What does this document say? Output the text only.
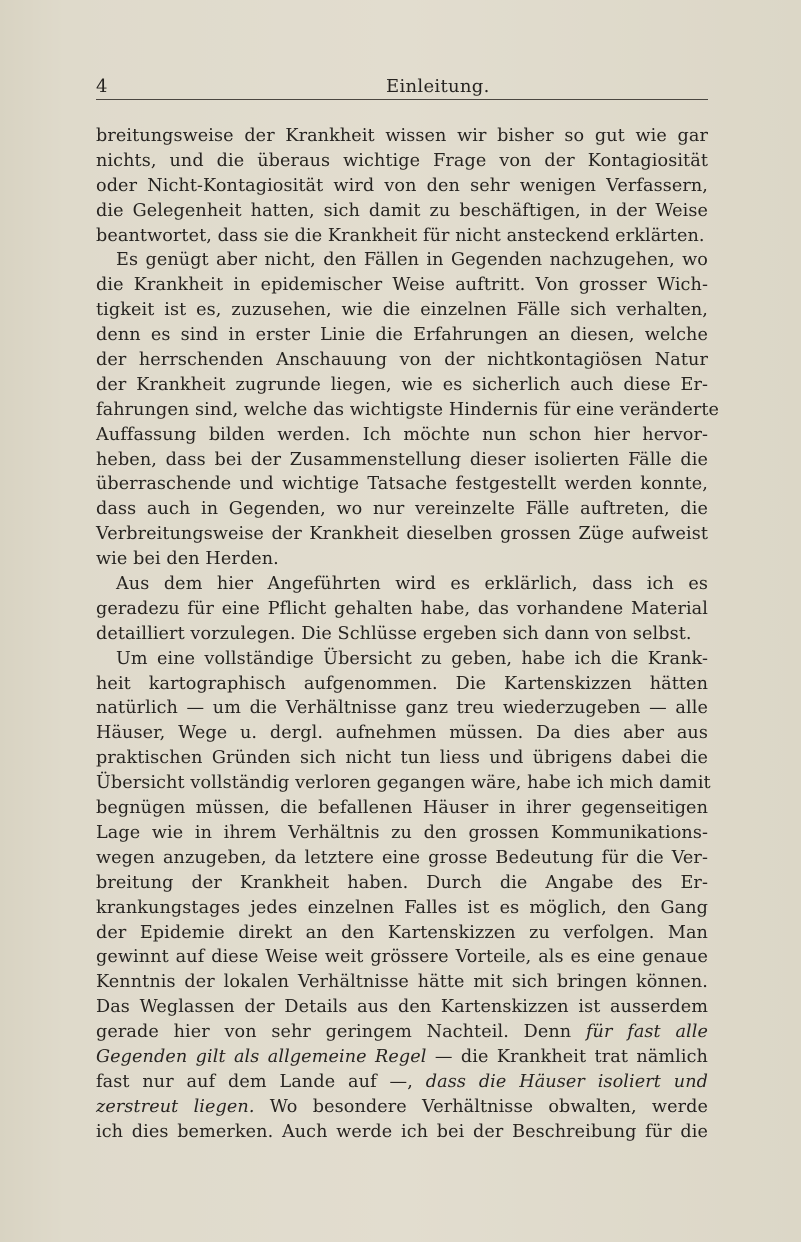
4	Einleitung.
breitungsweise der Krankheit wissen wir bisher so gut wie gar
nichts, und die überaus wichtige Frage von der Kontagiosität
oder Nicht-Kontagiosität wird von den sehr wenigen Verfassern,
die Gelegenheit hatten, sich damit zu beschäftigen, in der Weise
beantwortet, dass sie die Krankheit für nicht ansteckend erklärten.
Es genügt aber nicht, den Fällen in Gegenden nachzugehen, wo
die Krankheit in epidemischer Weise auftritt. Von grosser Wich-
tigkeit ist es, zuzusehen, wie die einzelnen Fälle sich verhalten,
denn es sind in erster Linie die Erfahrungen an diesen, welche
der herrschenden Anschauung von der nichtkontagiösen Natur
der Krankheit zugrunde liegen, wie es sicherlich auch diese Er-
fahrungen sind, welche das wichtigste Hindernis für eine veränderte
Auffassung bilden werden. Ich möchte nun schon hier hervor-
heben, dass bei der Zusammenstellung dieser isolierten Fälle die
überraschende und wichtige Tatsache festgestellt werden konnte,
dass auch in Gegenden, wo nur vereinzelte Fälle auftreten, die
Verbreitungsweise der Krankheit dieselben grossen Züge aufweist
wie bei den Herden.
Aus dem hier Angeführten wird es erklärlich, dass ich es
geradezu für eine Pflicht gehalten habe, das vorhandene Material
detailliert vorzulegen. Die Schlüsse ergeben sich dann von selbst.
Um eine vollständige Übersicht zu geben, habe ich die Krank-
heit kartographisch aufgenommen. Die Kartenskizzen hätten
natürlich — um die Verhältnisse ganz treu wiederzugeben — alle
Häuser, Wege u. dergl. aufnehmen müssen. Da dies aber aus
praktischen Gründen sich nicht tun liess und übrigens dabei die
Übersicht vollständig verloren gegangen wäre, habe ich mich damit
begnügen müssen, die befallenen Häuser in ihrer gegenseitigen
Lage wie in ihrem Verhältnis zu den grossen Kommunikations-
wegen anzugeben, da letztere eine grosse Bedeutung für die Ver-
breitung der Krankheit haben. Durch die Angabe des Er-
krankungstages jedes einzelnen Falles ist es möglich, den Gang
der Epidemie direkt an den Kartenskizzen zu verfolgen. Man
gewinnt auf diese Weise weit grössere Vorteile, als es eine genaue
Kenntnis der lokalen Verhältnisse hätte mit sich bringen können.
Das Weglassen der Details aus den Kartenskizzen ist ausserdem
gerade hier von sehr geringem Nachteil. Denn für fast alle
Gegenden gilt als allgemeine Regel — die Krankheit trat nämlich
fast nur auf dem Lande auf —, dass die Häuser isoliert und
zerstreut liegen. Wo besondere Verhältnisse obwalten, werde
ich dies bemerken. Auch werde ich bei der Beschreibung für die
